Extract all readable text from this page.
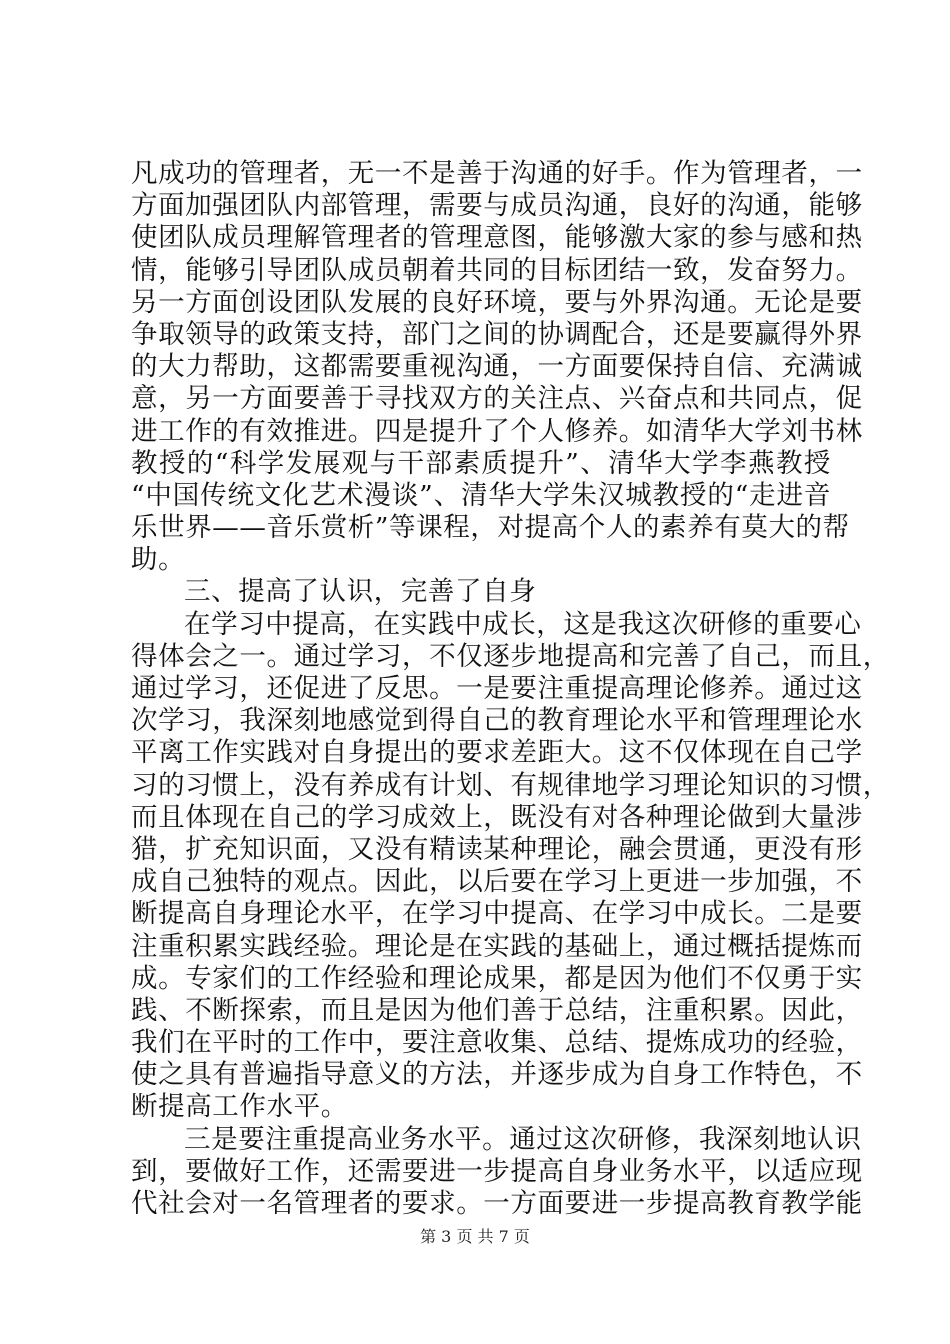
凡成功的管理者，无一不是善于沟通的好手。作为管理者，一
方面加强团队内部管理，需要与成员沟通，良好的沟通，能够
使团队成员理解管理者的管理意图，能够激大家的参与感和热
情，能够引导团队成员朝着共同的目标团结一致，发奋努力。
另一方面创设团队发展的良好环境，要与外界沟通。无论是要
争取领导的政策支持，部门之间的协调配合，还是要赢得外界
的大力帮助，这都需要重视沟通，一方面要保持自信、充满诚
意，另一方面要善于寻找双方的关注点、兴奋点和共同点，促
进工作的有效推进。四是提升了个人修养。如清华大学刘书林
教授的“科学发展观与干部素质提升”、清华大学李燕教授
“中国传统文化艺术漫谈”、清华大学朱汉城教授的“走进音
乐世界——音乐赏析”等课程，对提高个人的素养有莫大的帮
助。
三、提高了认识，完善了自身
在学习中提高，在实践中成长，这是我这次研修的重要心
得体会之一。通过学习，不仅逐步地提高和完善了自己，而且，
通过学习，还促进了反思。一是要注重提高理论修养。通过这
次学习，我深刻地感觉到得自己的教育理论水平和管理理论水
平离工作实践对自身提出的要求差距大。这不仅体现在自己学
习的习惯上，没有养成有计划、有规律地学习理论知识的习惯，
而且体现在自己的学习成效上，既没有对各种理论做到大量涉
猎，扩充知识面，又没有精读某种理论，融会贯通，更没有形
成自己独特的观点。因此，以后要在学习上更进一步加强，不
断提高自身理论水平，在学习中提高、在学习中成长。二是要
注重积累实践经验。理论是在实践的基础上，通过概括提炼而
成。专家们的工作经验和理论成果，都是因为他们不仅勇于实
践、不断探索，而且是因为他们善于总结，注重积累。因此，
我们在平时的工作中，要注意收集、总结、提炼成功的经验，
使之具有普遍指导意义的方法，并逐步成为自身工作特色，不
断提高工作水平。
三是要注重提高业务水平。通过这次研修，我深刻地认识
到，要做好工作，还需要进一步提高自身业务水平，以适应现
代社会对一名管理者的要求。一方面要进一步提高教育教学能
第 3 页 共 7 页
